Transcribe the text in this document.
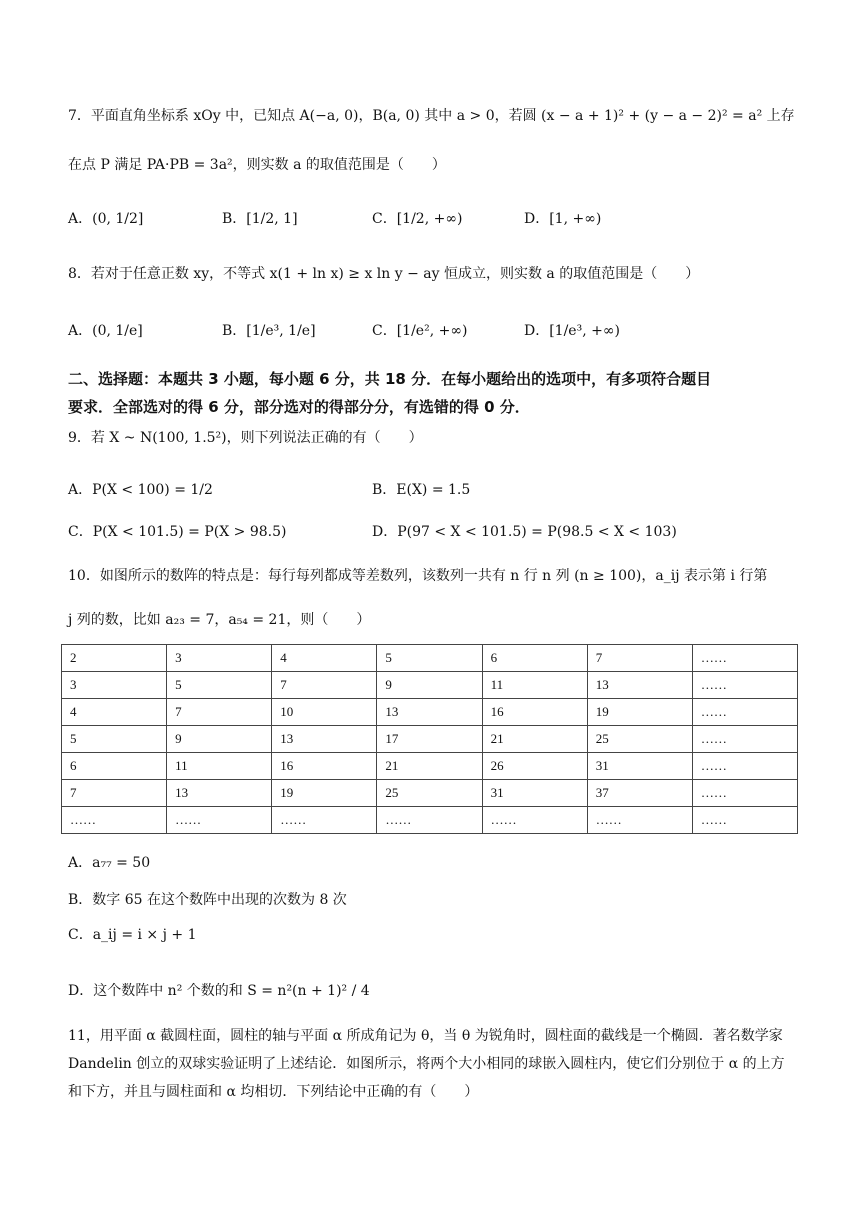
7．平面直角坐标系 xOy 中，已知点 A(−a, 0)，B(a, 0) 其中 a > 0，若圆 (x − a + 1)² + (y − a − 2)² = a² 上存
在点 P 满足 PA·PB = 3a²，则实数 a 的取值范围是（　　）
A．(0, 1/2]	B．[1/2, 1]	C．[1/2, +∞)	D．[1, +∞)
8．若对于任意正数 xy，不等式 x(1 + ln x) ≥ x ln y − ay 恒成立，则实数 a 的取值范围是（　　）
A．(0, 1/e]	B．[1/e³, 1/e]	C．[1/e², +∞)	D．[1/e³, +∞)
二、选择题：本题共 3 小题，每小题 6 分，共 18 分．在每小题给出的选项中，有多项符合题目
要求．全部选对的得 6 分，部分选对的得部分分，有选错的得 0 分．
9．若 X ~ N(100, 1.5²)，则下列说法正确的有（　　）
A．P(X < 100) = 1/2	B．E(X) = 1.5
C．P(X < 101.5) = P(X > 98.5)	D．P(97 < X < 101.5) = P(98.5 < X < 103)
10．如图所示的数阵的特点是：每行每列都成等差数列，该数列一共有 n 行 n 列 (n ≥ 100)，a_ij 表示第 i 行第
j 列的数，比如 a₂₃ = 7，a₅₄ = 21，则（　　）
2	3	4	5	6	7	……
3	5	7	9	11	13	……
4	7	10	13	16	19	……
5	9	13	17	21	25	……
6	11	16	21	26	31	……
7	13	19	25	31	37	……
……	……	……	……	……	……	……
A．a₇₇ = 50
B．数字 65 在这个数阵中出现的次数为 8 次
C．a_ij = i × j + 1
D．这个数阵中 n² 个数的和 S = n²(n + 1)² / 4
11，用平面 α 截圆柱面，圆柱的轴与平面 α 所成角记为 θ，当 θ 为锐角时，圆柱面的截线是一个椭圆．著名数学家 Dandelin 创立的双球实验证明了上述结论．如图所示，将两个大小相同的球嵌入圆柱内，使它们分别位于 α 的上方和下方，并且与圆柱面和 α 均相切．下列结论中正确的有（　　）
